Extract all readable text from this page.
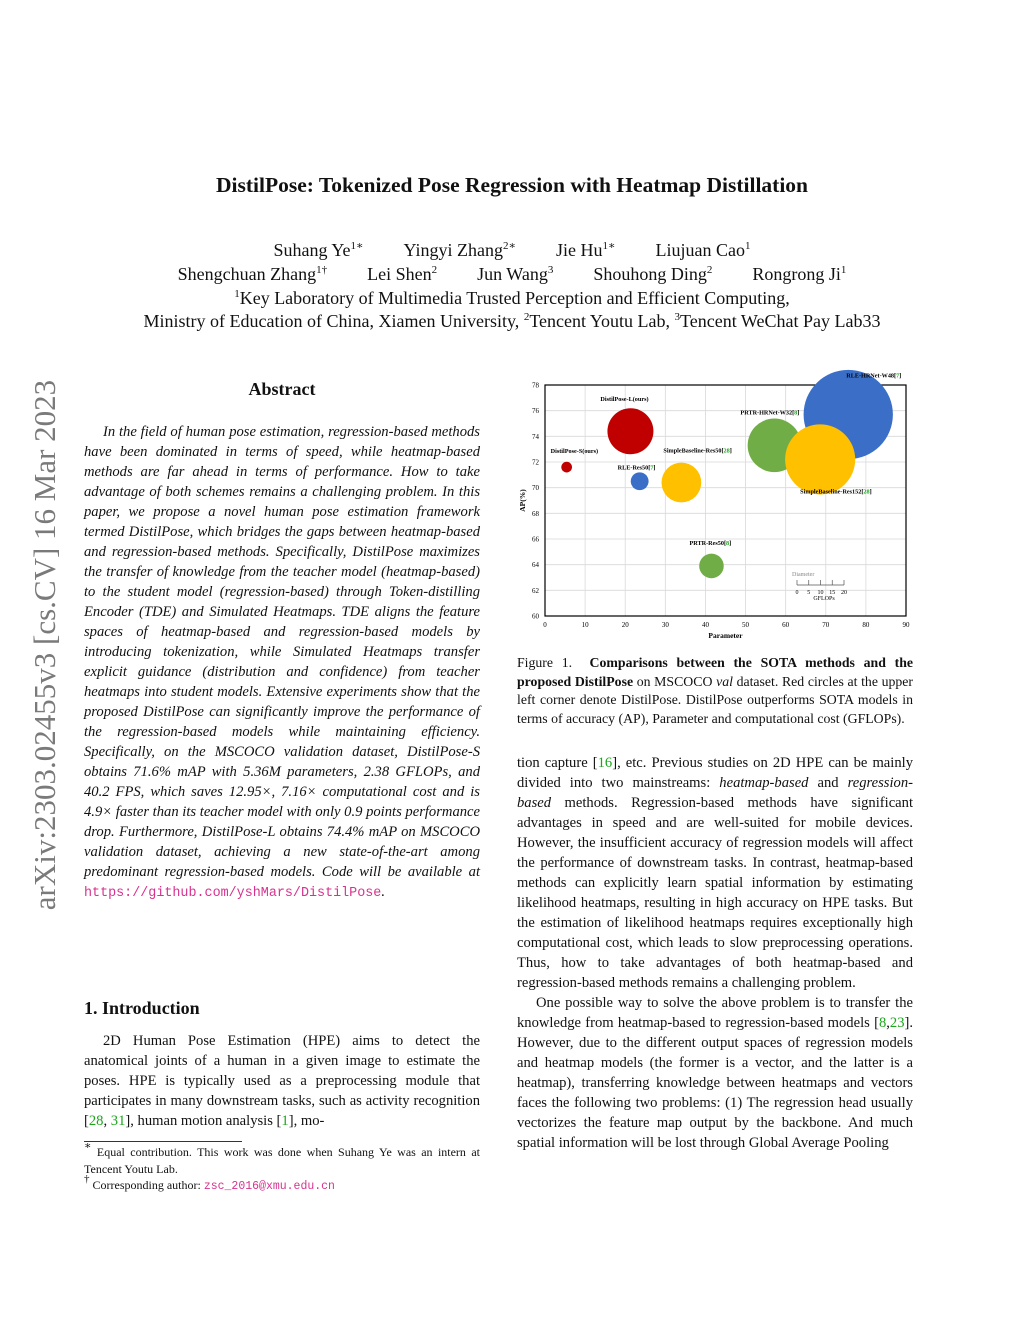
arXiv:2303.02455v3 [cs.CV] 16 Mar 2023
DistilPose: Tokenized Pose Regression with Heatmap Distillation
Suhang $Ye^{1∗}$ Yingyi Zhang$^{2∗}$ Jie $Hu^{1∗}$ Liujuan Cao$^1$
Shengchuan Zhang$^{1\dagger}$ Lei Shen$^2$ Jun Wang$^3$ Shouhong Ding$^2$ Rongrong Ji$^1$
$^1$Key Laboratory of Multimedia Trusted Perception and Efficient Computing,
Ministry of Education of China, Xiamen University, $^2$Tencent Youtu Lab, $^3$Tencent WeChat Pay Lab33
Abstract
In the field of human pose estimation, regression-based methods have been dominated in terms of speed, while heatmap-based methods are far ahead in terms of performance. How to take advantage of both schemes remains a challenging problem. In this paper, we propose a novel human pose estimation framework termed DistilPose, which bridges the gaps between heatmap-based and regression-based methods. Specifically, DistilPose maximizes the transfer of knowledge from the teacher model (heatmap-based) to the student model (regression-based) through Token-distilling Encoder (TDE) and Simulated Heatmaps. TDE aligns the feature spaces of heatmap-based and regression-based models by introducing tokenization, while Simulated Heatmaps transfer explicit guidance (distribution and confidence) from teacher heatmaps into student models. Extensive experiments show that the proposed DistilPose can significantly improve the performance of the regression-based models while maintaining efficiency. Specifically, on the MSCOCO validation dataset, DistilPose-S obtains 71.6% mAP with 5.36M parameters, 2.38 GFLOPs, and 40.2 FPS, which saves 12.95×, 7.16× computational cost and is 4.9× faster than its teacher model with only 0.9 points performance drop. Furthermore, DistilPose-L obtains 74.4% mAP on MSCOCO validation dataset, achieving a new state-of-the-art among predominant regression-based models. Code will be available at https://github.com/yshMars/DistilPose.
1. Introduction
2D Human Pose Estimation (HPE) aims to detect the anatomical joints of a human in a given image to estimate the poses. HPE is typically used as a preprocessing module that participates in many downstream tasks, such as activity recognition [28, 31], human motion analysis [1], mo-
∗ Equal contribution. This work was done when Suhang Ye was an intern at Tencent Youtu Lab.
† Corresponding author: zsc_2016@xmu.edu.cn
0	10	20	30	40	50	60	70	80	90
60
62
64
66
68
70
72
74
76
78
Parameter
AP(%)
DistilPose-S(ours)
DistilPose-L(ours)
RLE-Res50[7]
SimpleBaseline-Res50[28]
PRTR-Res50[8]
PRTR-HRNet-W32[8]
RLE-HRNet-W48[7]
SimpleBaseline-Res152[28]
Diameter
0 5 10 15 20
GFLOPs
Figure 1. Comparisons between the SOTA methods and the proposed DistilPose on MSCOCO val dataset. Red circles at the upper left corner denote DistilPose. DistilPose outperforms SOTA models in terms of accuracy (AP), Parameter and computational cost (GFLOPs).
tion capture [16], etc. Previous studies on 2D HPE can be mainly divided into two mainstreams: heatmap-based and regression-based methods. Regression-based methods have significant advantages in speed and are well-suited for mobile devices. However, the insufficient accuracy of regression models will affect the performance of downstream tasks. In contrast, heatmap-based methods can explicitly learn spatial information by estimating likelihood heatmaps, resulting in high accuracy on HPE tasks. But the estimation of likelihood heatmaps requires exceptionally high computational cost, which leads to slow preprocessing operations. Thus, how to take advantages of both heatmap-based and regression-based methods remains a challenging problem.
One possible way to solve the above problem is to transfer the knowledge from heatmap-based to regression-based models [8,23]. However, due to the different output spaces of regression models and heatmap models (the former is a vector, and the latter is a heatmap), transferring knowledge between heatmaps and vectors faces the following two problems: (1) The regression head usually vectorizes the feature map output by the backbone. And much spatial information will be lost through Global Average Pooling
